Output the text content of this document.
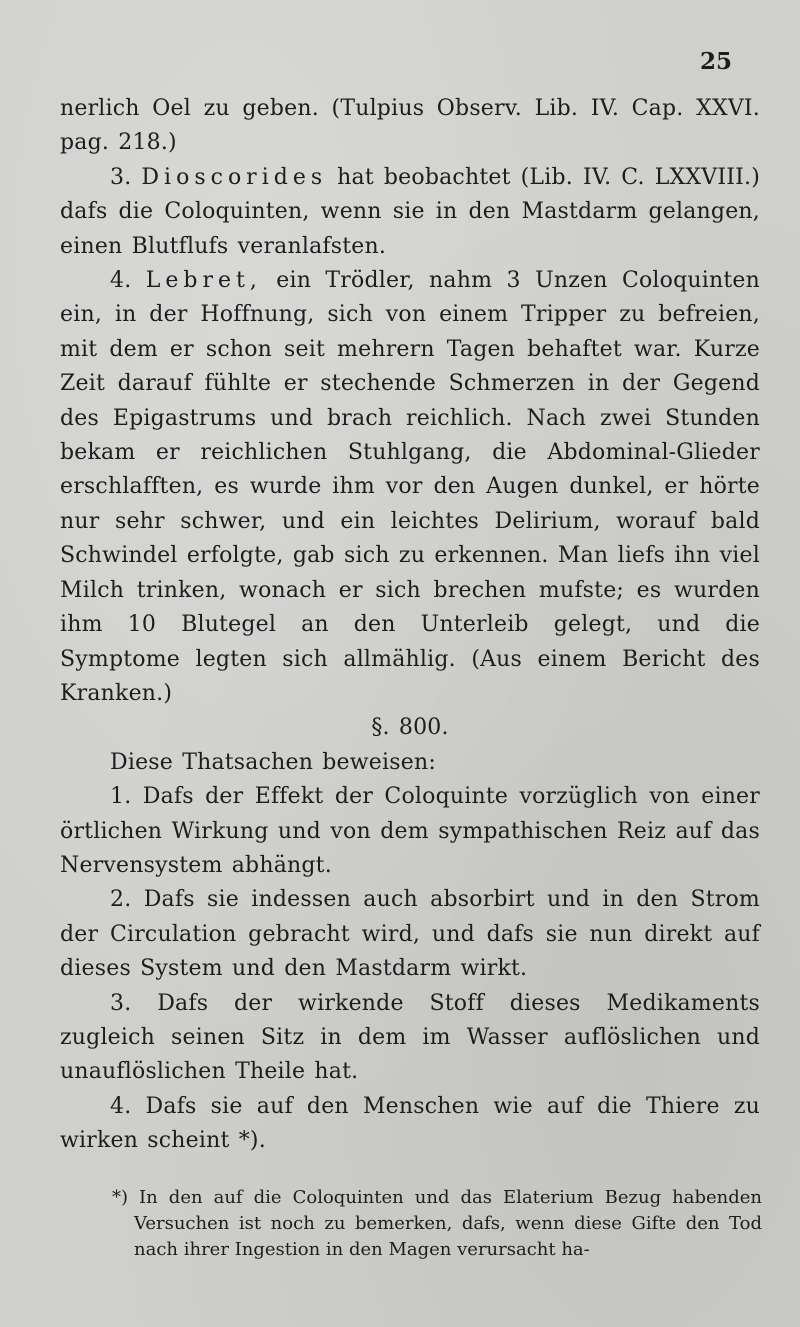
25

nerlich Oel zu geben. (Tulpius Observ. Lib. IV. Cap. XXVI. pag. 218.)

3. Dioscorides hat beobachtet (Lib. IV. C. LXXVIII.) dafs die Coloquinten, wenn sie in den Mastdarm gelangen, einen Blutflufs veranlafsten.

4. Lebret, ein Trödler, nahm 3 Unzen Coloquinten ein, in der Hoffnung, sich von einem Tripper zu befreien, mit dem er schon seit mehrern Tagen behaftet war. Kurze Zeit darauf fühlte er stechende Schmerzen in der Gegend des Epigastrums und brach reichlich. Nach zwei Stunden bekam er reichlichen Stuhlgang, die Abdominal-Glieder erschlafften, es wurde ihm vor den Augen dunkel, er hörte nur sehr schwer, und ein leichtes Delirium, worauf bald Schwindel erfolgte, gab sich zu erkennen. Man liefs ihn viel Milch trinken, wonach er sich brechen mufste; es wurden ihm 10 Blutegel an den Unterleib gelegt, und die Symptome legten sich allmählig. (Aus einem Bericht des Kranken.)

§. 800.

Diese Thatsachen beweisen:

1. Dafs der Effekt der Coloquinte vorzüglich von einer örtlichen Wirkung und von dem sympathischen Reiz auf das Nervensystem abhängt.

2. Dafs sie indessen auch absorbirt und in den Strom der Circulation gebracht wird, und dafs sie nun direkt auf dieses System und den Mastdarm wirkt.

3. Dafs der wirkende Stoff dieses Medikaments zugleich seinen Sitz in dem im Wasser auflöslichen und unauflöslichen Theile hat.

4. Dafs sie auf den Menschen wie auf die Thiere zu wirken scheint *).

*) In den auf die Coloquinten und das Elaterium Bezug habenden Versuchen ist noch zu bemerken, dafs, wenn diese Gifte den Tod nach ihrer Ingestion in den Magen verursacht ha-
